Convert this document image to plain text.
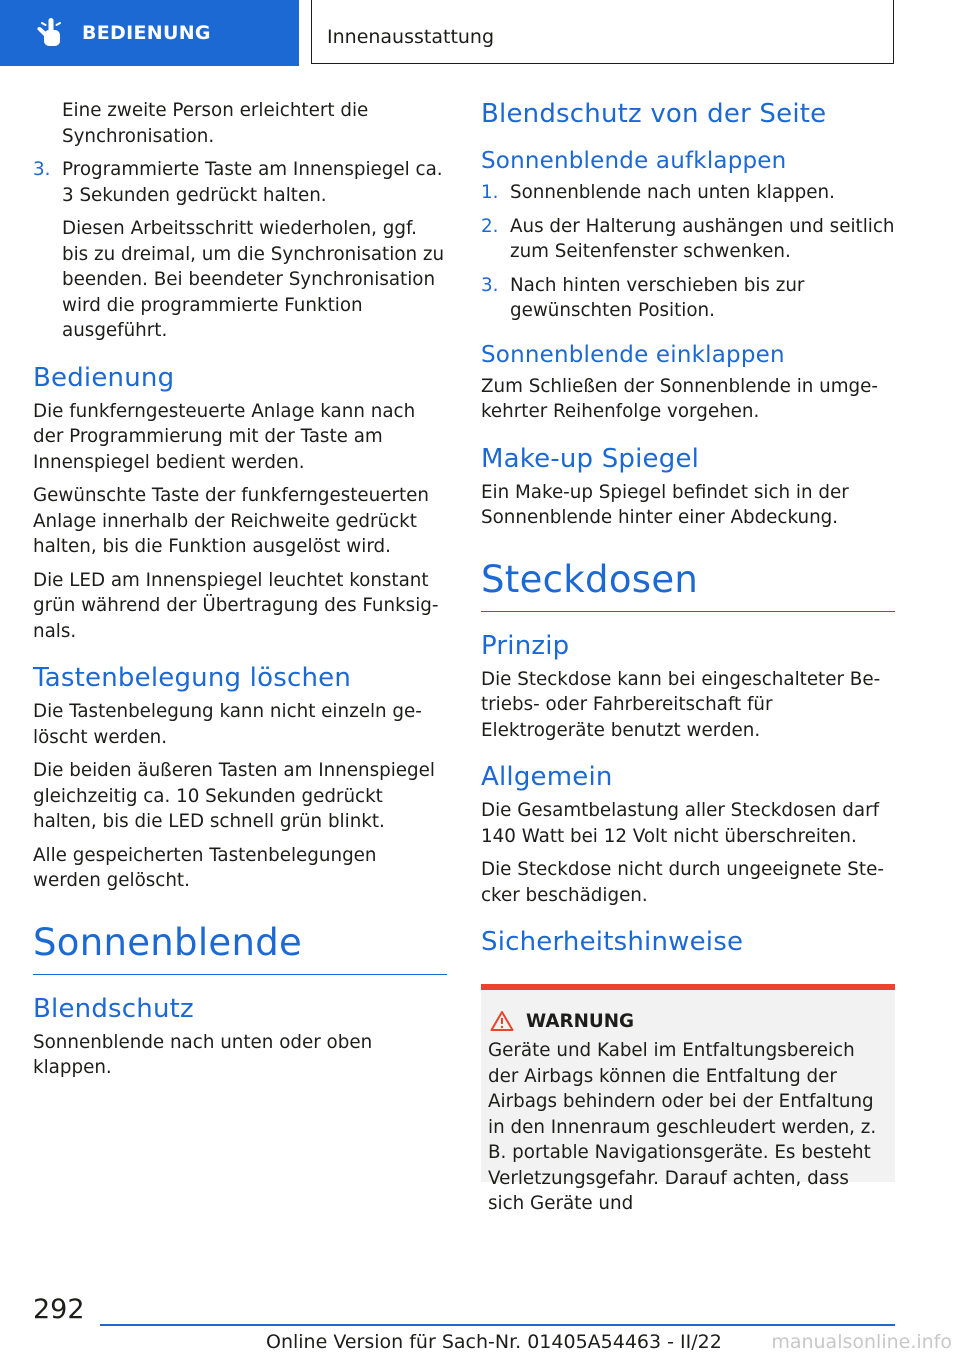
BEDIENUNG	Innenausstattung

Eine zweite Person erleichtert die Synchronisation.

3. Programmierte Taste am Innenspiegel ca. 3 Sekunden gedrückt halten.

Diesen Arbeitsschritt wiederholen, ggf. bis zu dreimal, um die Synchronisation zu beenden. Bei beendeter Synchronisation wird die programmierte Funktion ausgeführt.

Bedienung

Die funkferngesteuerte Anlage kann nach der Programmierung mit der Taste am Innenspiegel bedient werden.

Gewünschte Taste der funkferngesteuerten Anlage innerhalb der Reichweite gedrückt halten, bis die Funktion ausgelöst wird.

Die LED am Innenspiegel leuchtet konstant grün während der Übertragung des Funksignals.

Tastenbelegung löschen

Die Tastenbelegung kann nicht einzeln gelöscht werden.

Die beiden äußeren Tasten am Innenspiegel gleichzeitig ca. 10 Sekunden gedrückt halten, bis die LED schnell grün blinkt.

Alle gespeicherten Tastenbelegungen werden gelöscht.

Sonnenblende
Blendschutz

Sonnenblende nach unten oder oben klappen.

Blendschutz von der Seite
Sonnenblende aufklappen
1. Sonnenblende nach unten klappen.
2. Aus der Halterung aushängen und seitlich zum Seitenfenster schwenken.
3. Nach hinten verschieben bis zur gewünschten Position.
Sonnenblende einklappen

Zum Schließen der Sonnenblende in umgekehrter Reihenfolge vorgehen.

Make-up Spiegel

Ein Make-up Spiegel befindet sich in der Sonnenblende hinter einer Abdeckung.

Steckdosen
Prinzip

Die Steckdose kann bei eingeschalteter Betriebs- oder Fahrbereitschaft für Elektrogeräte benutzt werden.

Allgemein

Die Gesamtbelastung aller Steckdosen darf 140 Watt bei 12 Volt nicht überschreiten.

Die Steckdose nicht durch ungeeignete Stecker beschädigen.

Sicherheitshinweise
WARNUNG

Geräte und Kabel im Entfaltungsbereich der Airbags können die Entfaltung der Airbags behindern oder bei der Entfaltung in den Innenraum geschleudert werden, z. B. portable Navigationsgeräte. Es besteht Verletzungsgefahr. Darauf achten, dass sich Geräte und

292
Online Version für Sach-Nr. 01405A54463 - II/22	manualsonline.info
